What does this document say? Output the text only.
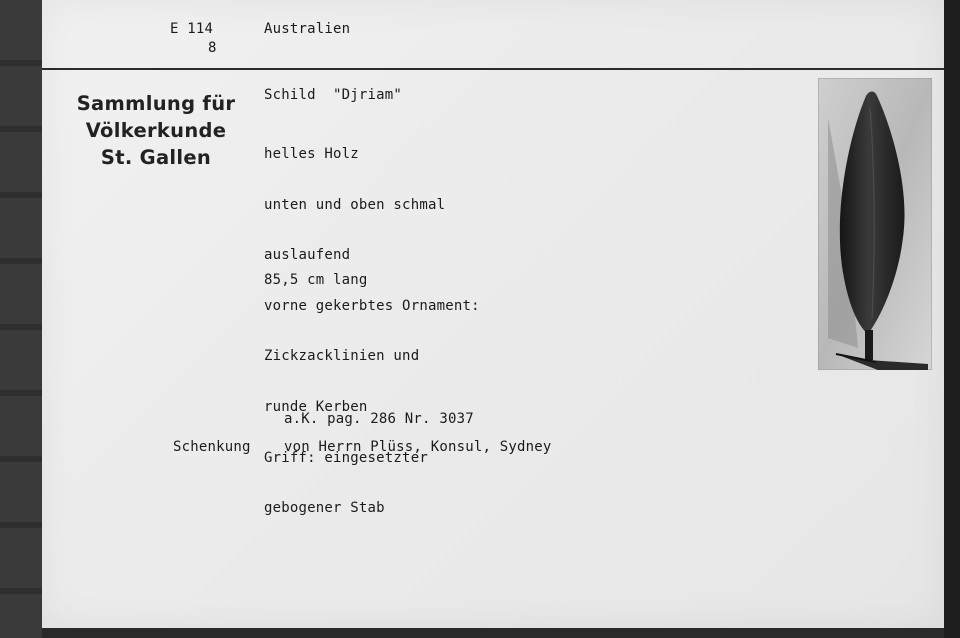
E 114
8
Australien
Sammlung für
Völkerkunde
St. Gallen
Schild  "Djriam"

helles Holz

unten und oben schmal

auslaufend

vorne gekerbtes Ornament:

Zickzacklinien und

runde Kerben

Griff: eingesetzter

gebogener Stab

85,5 cm lang
a.K. pag. 286 Nr. 3037
Schenkung von Herrn Plüss, Konsul, Sydney
